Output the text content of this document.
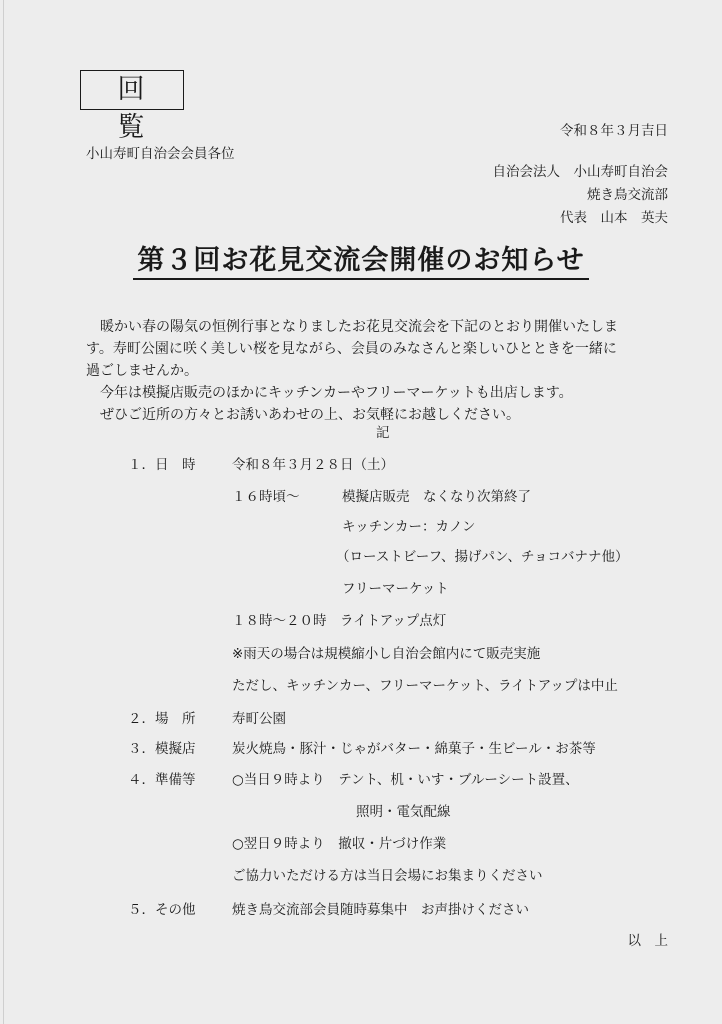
回 覧	令和８年３月吉日
小山寿町自治会会員各位
自治会法人　小山寿町自治会
焼き鳥交流部
代表　山本　英夫
第３回お花見交流会開催のお知らせ

　暖かい春の陽気の恒例行事となりましたお花見交流会を下記のとおり開催いたしま

す。寿町公園に咲く美しい桜を見ながら、会員のみなさんと楽しいひとときを一緒に

過ごしませんか。

　今年は模擬店販売のほかにキッチンカーやフリーマーケットも出店します。

　ぜひご近所の方々とお誘いあわせの上、お気軽にお越しください。

記
１．日　時	令和８年３月２８日（土）
１６時頃～	模擬店販売　なくなり次第終了
キッチンカー：カノン
（ローストビーフ、揚げパン、チョコバナナ他）
フリーマーケット
１８時～２０時　ライトアップ点灯
※雨天の場合は規模縮小し自治会館内にて販売実施
ただし、キッチンカー、フリーマーケット、ライトアップは中止
２．場　所	寿町公園
３．模擬店	炭火焼鳥・豚汁・じゃがバター・綿菓子・生ビール・お茶等
４．準備等	○当日９時より　テント、机・いす・ブルーシート設置、
照明・電気配線
○翌日９時より　撤収・片づけ作業
ご協力いただける方は当日会場にお集まりください
５．その他	焼き鳥交流部会員随時募集中　お声掛けください
以　上
